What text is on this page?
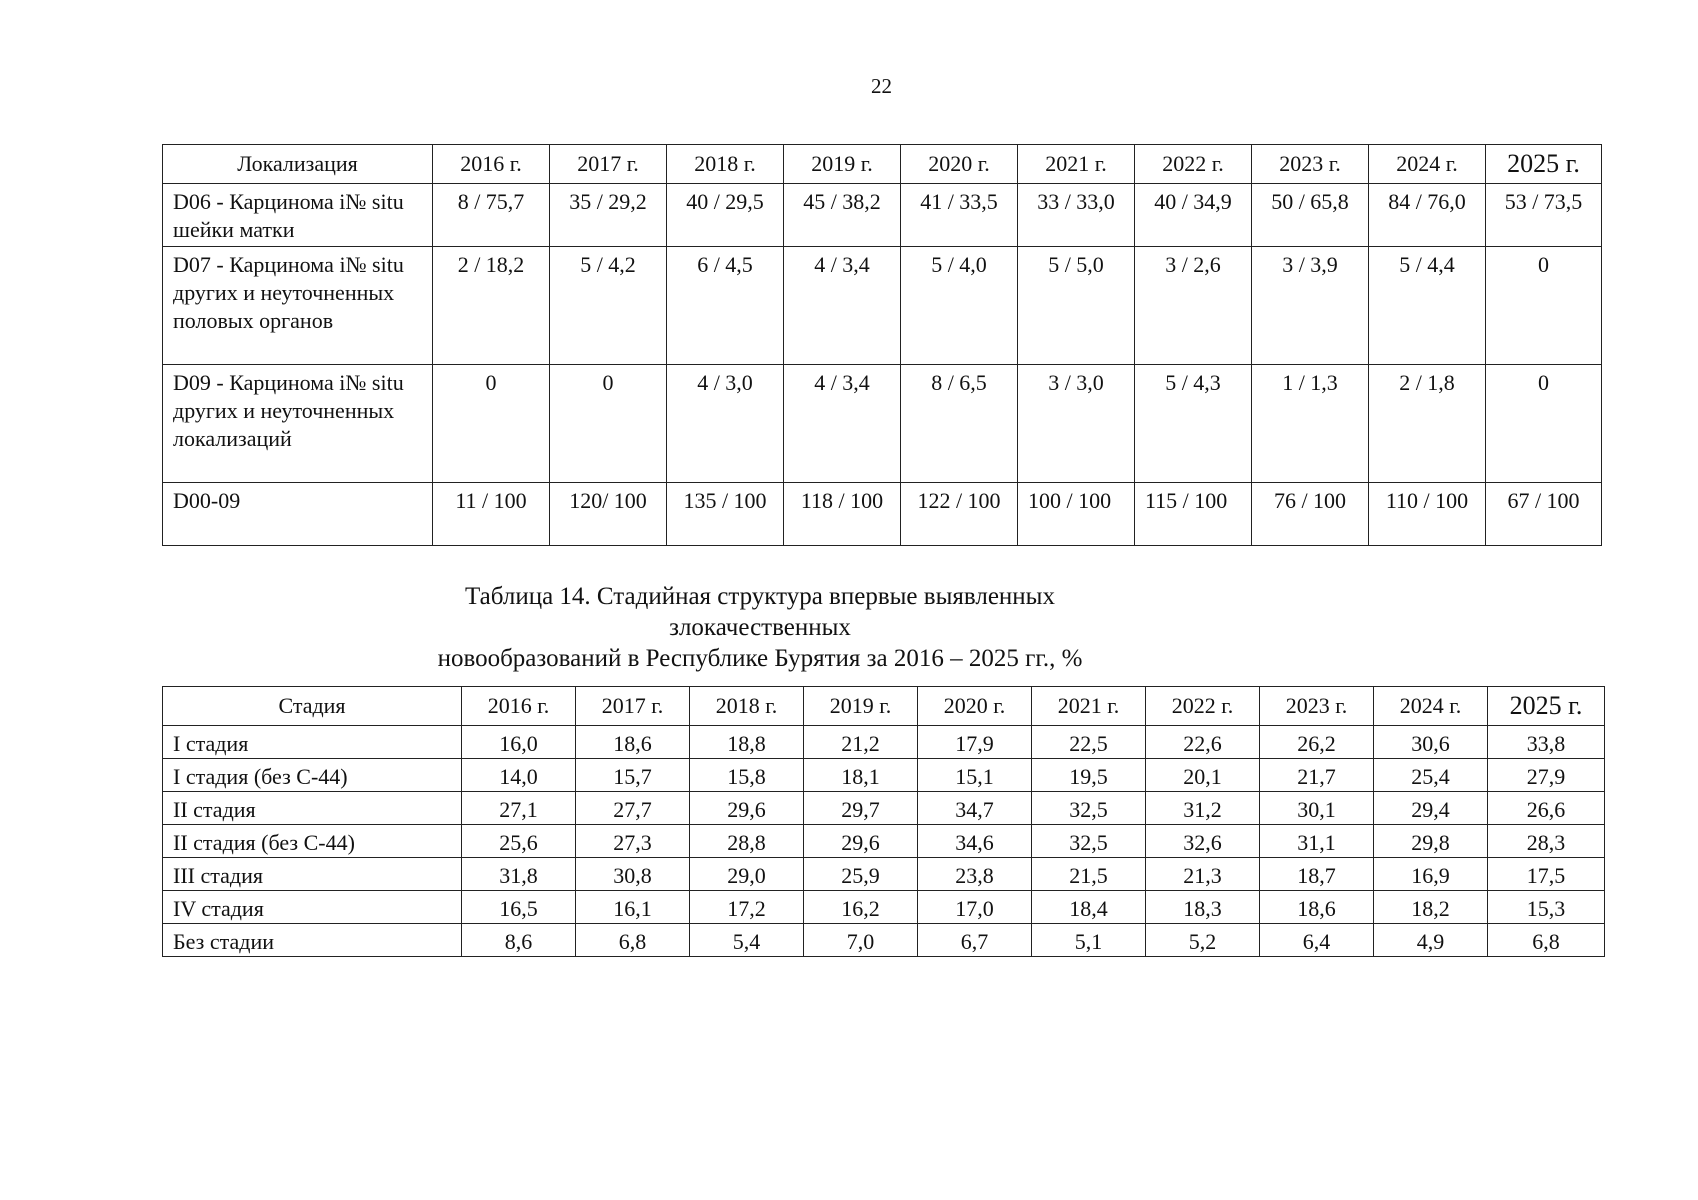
22
Локализация	2016 г.	2017 г.	2018 г.	2019 г.	2020 г.	2021 г.	2022 г.	2023 г.	2024 г.	2025 г.
D06 - Карцинома i№ situ шейки матки	8 / 75,7	35 / 29,2	40 / 29,5	45 / 38,2	41 / 33,5	33 / 33,0	40 / 34,9	50 / 65,8	84 / 76,0	53 / 73,5
D07 - Карциномa i№ situ других и неуточненных половых органов	2 / 18,2	5 / 4,2	6 / 4,5	4 / 3,4	5 / 4,0	5 / 5,0	3 / 2,6	3 / 3,9	5 / 4,4	0
D09 - Карцинома i№ situ других и неуточненных локализаций	0	0	4 / 3,0	4 / 3,4	8 / 6,5	3 / 3,0	5 / 4,3	1 / 1,3	2 / 1,8	0
D00-09	11 / 100	120/ 100	135 / 100	118 / 100	122 / 100	100 / 100	115 / 100	76 / 100	110 / 100	67 / 100
Таблица 14. Стадийная структура впервые выявленных злокачественных
новообразований в Республике Бурятия за 2016 – 2025 гг., %
Стадия	2016 г.	2017 г.	2018 г.	2019 г.	2020 г.	2021 г.	2022 г.	2023 г.	2024 г.	2025 г.
I стадия	16,0	18,6	18,8	21,2	17,9	22,5	22,6	26,2	30,6	33,8
I стадия (без С-44)	14,0	15,7	15,8	18,1	15,1	19,5	20,1	21,7	25,4	27,9
II стадия	27,1	27,7	29,6	29,7	34,7	32,5	31,2	30,1	29,4	26,6
II стадия (без С-44)	25,6	27,3	28,8	29,6	34,6	32,5	32,6	31,1	29,8	28,3
III стадия	31,8	30,8	29,0	25,9	23,8	21,5	21,3	18,7	16,9	17,5
IV стадия	16,5	16,1	17,2	16,2	17,0	18,4	18,3	18,6	18,2	15,3
Без стадии	8,6	6,8	5,4	7,0	6,7	5,1	5,2	6,4	4,9	6,8
